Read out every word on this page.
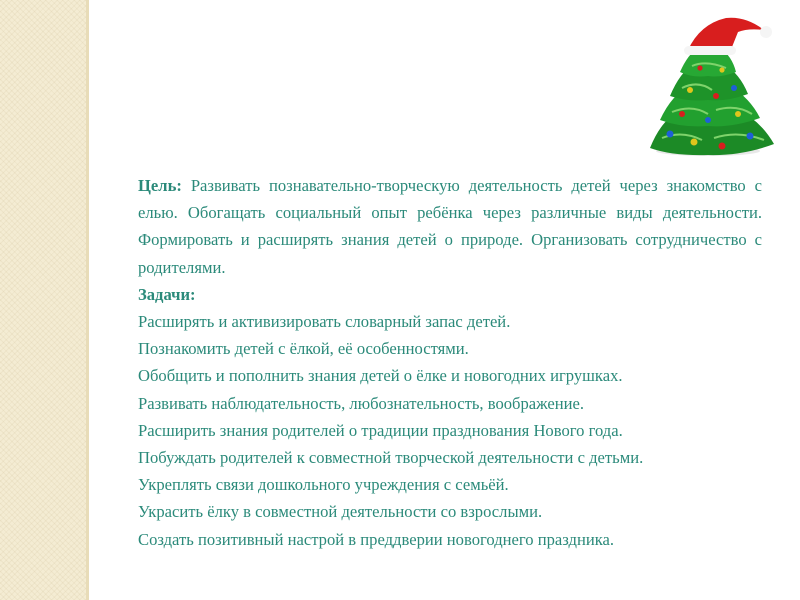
Цель: Развивать познавательно-творческую деятельность детей через знакомство с елью. Обогащать социальный опыт ребёнка через различные виды деятельности. Формировать и расширять знания детей о природе. Организовать сотрудничество с родителями.

Задачи:

Расширять и активизировать словарный запас детей.

Познакомить детей с ёлкой, её особенностями.

Обобщить и пополнить знания детей о ёлке и новогодних игрушках.

Развивать наблюдательность, любознательность, воображение.

Расширить знания родителей о традиции празднования Нового года.

Побуждать родителей к совместной творческой деятельности с детьми.

Укреплять связи дошкольного учреждения с семьёй.

Украсить ёлку в совместной деятельности со взрослыми.

Создать позитивный настрой в преддверии новогоднего праздника.
